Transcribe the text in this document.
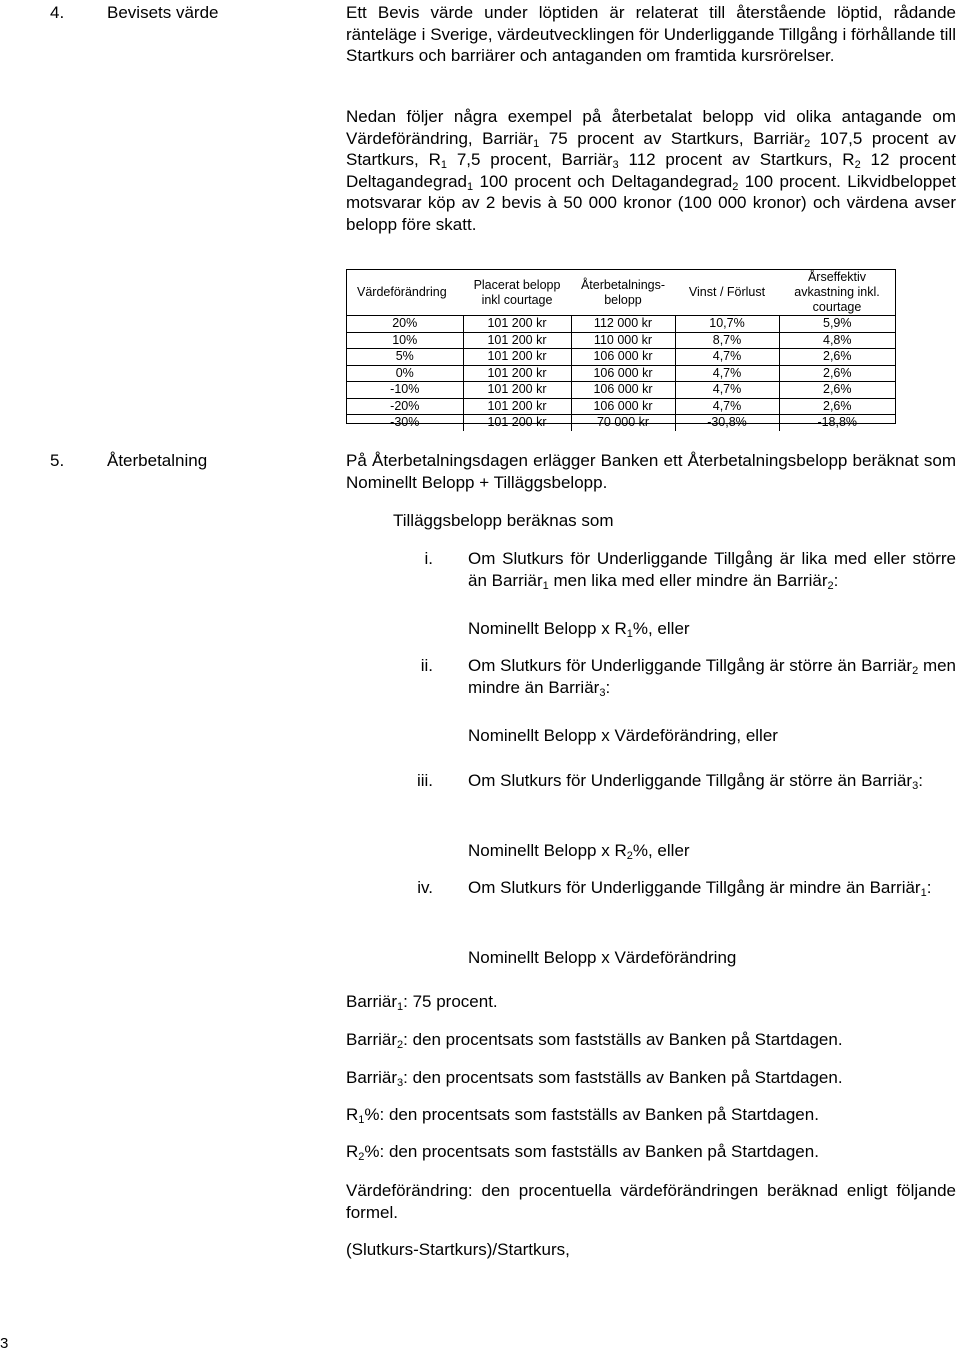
4.	Bevisets värde	Ett Bevis värde under löptiden är relaterat till återstående löptid, rådande ränteläge i Sverige, värdeutvecklingen för Underliggande Tillgång i förhållande till Startkurs och barriärer och antaganden om framtida kursrörelser.
Nedan följer några exempel på återbetalat belopp vid olika antagande om Värdeförändring, Barriär$_1$ 75 procent av Startkurs, Barriär$_2$ 107,5 procent av Startkurs, $R_1$ 7,5 procent, Barriär$_3$ 112 procent av Startkurs, $R_2$ 12 procent Deltagandegrad$_1$ 100 procent och Deltagandegrad$_2$ 100 procent. Likvidbeloppet motsvarar köp av 2 bevis à 50 000 kronor (100 000 kronor) och värdena avser belopp före skatt.
Värdeförändring	Placerat belopp inkl courtage	Återbetalnings-belopp	Vinst / Förlust	Årseffektiv avkastning inkl. courtage
20%	101 200 kr	112 000 kr	10,7%	5,9%
10%	101 200 kr	110 000 kr	8,7%	4,8%
5%	101 200 kr	106 000 kr	4,7%	2,6%
0%	101 200 kr	106 000 kr	4,7%	2,6%
-10%	101 200 kr	106 000 kr	4,7%	2,6%
-20%	101 200 kr	106 000 kr	4,7%	2,6%
-30%	101 200 kr	70 000 kr	-30,8%	-18,8%
5.	Återbetalning	På Återbetalningsdagen erlägger Banken ett Återbetalningsbelopp beräknat som Nominellt Belopp + Tilläggsbelopp.
Tilläggsbelopp beräknas som
i. Om Slutkurs för Underliggande Tillgång är lika med eller större än Barriär$_1$ men lika med eller mindre än Barriär$_2$:
Nominellt Belopp x $R_1\%$, eller
ii. Om Slutkurs för Underliggande Tillgång är större än Barriär$_2$ men mindre än Barriär$_3$:
Nominellt Belopp x Värdeförändring, eller
iii. Om Slutkurs för Underliggande Tillgång är större än Barriär$_3$:
Nominellt Belopp x $R_2\%$, eller
iv. Om Slutkurs för Underliggande Tillgång är mindre än Barriär$_1$:
Nominellt Belopp x Värdeförändring
Barriär$_1$: 75 procent.
Barriär$_2$: den procentsats som fastställs av Banken på Startdagen.
Barriär$_3$: den procentsats som fastställs av Banken på Startdagen.
$R_1\%$: den procentsats som fastställs av Banken på Startdagen.
$R_2\%$: den procentsats som fastställs av Banken på Startdagen.
Värdeförändring: den procentuella värdeförändringen beräknad enligt följande formel.
(Slutkurs-Startkurs)/Startkurs,
3
